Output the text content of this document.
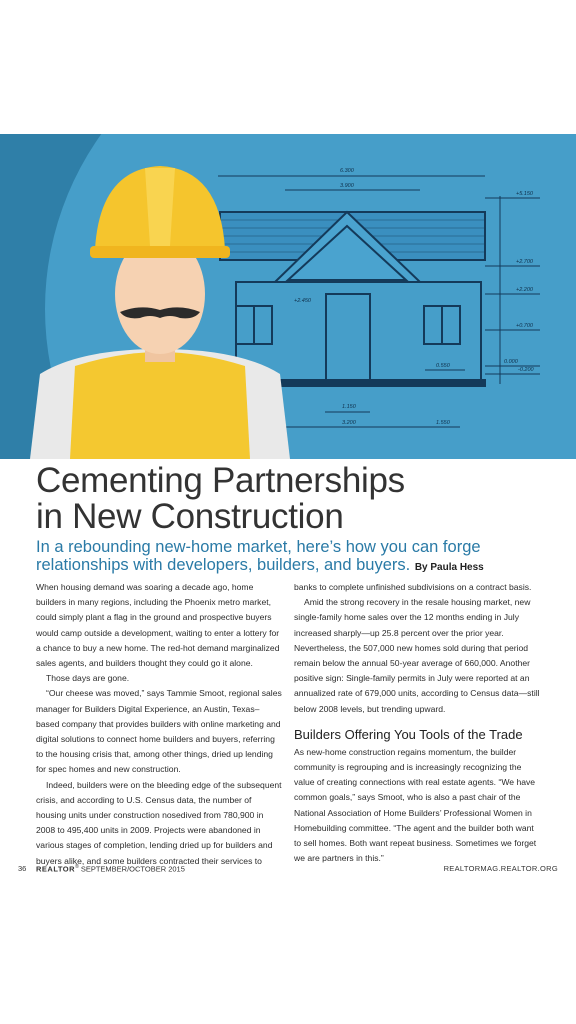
6.300
3.900
+5.150
+2.700
+2.200
+0.700
0.000
-0.200
+2.450
0.550
1.150
3.200	1.550
Cementing Partnerships
in New Construction
In a rebounding new-home market, here’s how you can forge relationships with developers, builders, and buyers. By Paula Hess

When housing demand was soaring a decade ago, home builders in many regions, including the Phoenix metro market, could simply plant a flag in the ground and prospective buyers would camp outside a development, waiting to enter a lottery for a chance to buy a new home. The red-hot demand marginalized sales agents, and builders thought they could go it alone.

Those days are gone.

“Our cheese was moved,” says Tammie Smoot, regional sales manager for Builders Digital Experience, an Austin, Texas–based company that provides builders with online marketing and digital solutions to connect home builders and buyers, referring to the housing crisis that, among other things, dried up lending for spec homes and new construction.

Indeed, builders were on the bleeding edge of the subsequent crisis, and according to U.S. Census data, the number of housing units under construction nosedived from 780,900 in 2008 to 495,400 units in 2009. Projects were abandoned in various stages of completion, lending dried up for builders and buyers alike, and some builders contracted their services to

banks to complete unfinished subdivisions on a contract basis.

Amid the strong recovery in the resale housing market, new single-family home sales over the 12 months ending in July increased sharply—up 25.8 percent over the prior year. Nevertheless, the 507,000 new homes sold during that period remain below the annual 50-year average of 660,000. Another positive sign: Single-family permits in July were reported at an annualized rate of 679,000 units, according to Census data—still below 2008 levels, but trending upward.

Builders Offering You Tools of the Trade

As new-home construction regains momentum, the builder community is regrouping and is increasingly recognizing the value of creating connections with real estate agents. “We have common goals,” says Smoot, who is also a past chair of the National Association of Home Builders’ Professional Women in Homebuilding committee. “The agent and the builder both want to sell homes. Both want repeat business. Sometimes we forget we are partners in this.”

36 REALTOR® SEPTEMBER/OCTOBER 2015	REALTORMAG.REALTOR.ORG
